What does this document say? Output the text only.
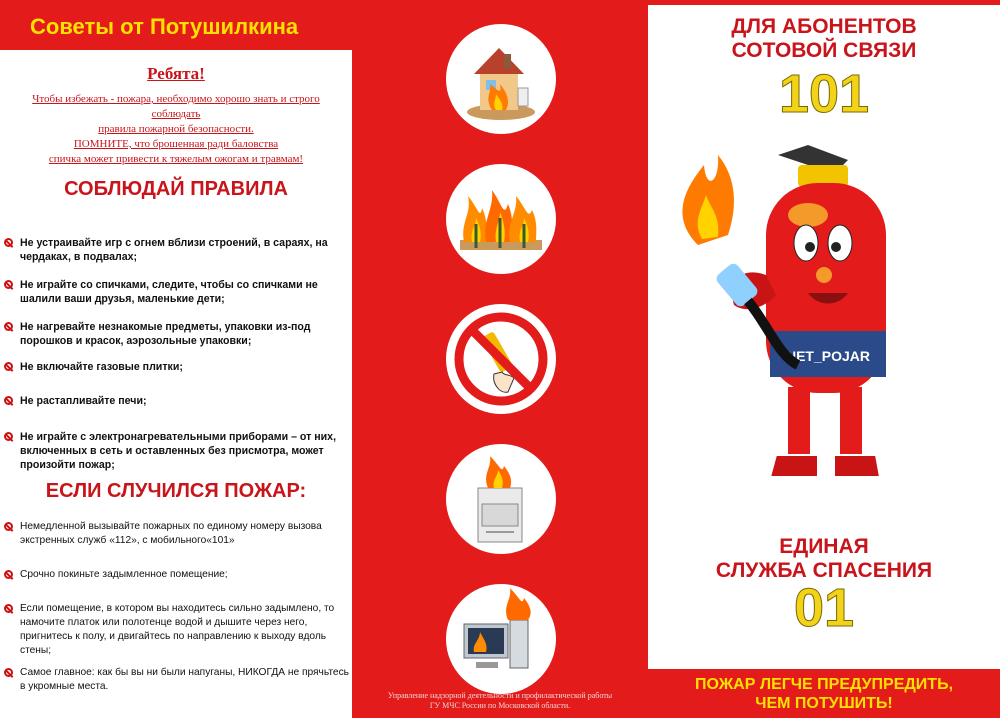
Советы от Потушилкина
Ребята!
Чтобы избежать - пожара, необходимо хорошо знать и строго соблюдать
правила пожарной безопасности.
ПОМНИТЕ, что брошенная ради баловства
спичка может привести к тяжелым ожогам и травмам!
СОБЛЮДАЙ ПРАВИЛА
Не устраивайте игр с огнем вблизи строений, в сараях, на чердаках, в подвалах;
Не играйте со спичками, следите, чтобы со спичками не шалили ваши друзья, маленькие дети;
Не нагревайте незнакомые предметы, упаковки из-под порошков и красок, аэрозольные упаковки;
Не включайте газовые плитки;
Не растапливайте печи;
Не играйте с электронагревательными приборами – от них, включенных в сеть и оставленных без присмотра, может произойти пожар;
ЕСЛИ СЛУЧИЛСЯ ПОЖАР:
Немедленной вызывайте пожарных по единому номеру вызова экстренных служб «112», с мобильного«101»
Срочно покиньте задымленное помещение;
Если помещение, в котором вы находитесь сильно задымлено, то намочите платок или полотенце водой и дышите через него, пригнитесь к полу, и двигайтесь по направлению к выходу вдоль стены;
Самое главное: как бы вы ни были напуганы, НИКОГДА не прячьтесь в укромные места.
Управление надзорной деятельности и профилактической работы
ГУ МЧС России по Московской области.
ДЛЯ АБОНЕНТОВ
СОТОВОЙ СВЯЗИ
101
NET_POJAR
ЕДИНАЯ
СЛУЖБА СПАСЕНИЯ
01
ПОЖАР ЛЕГЧЕ ПРЕДУПРЕДИТЬ,
ЧЕМ ПОТУШИТЬ!
